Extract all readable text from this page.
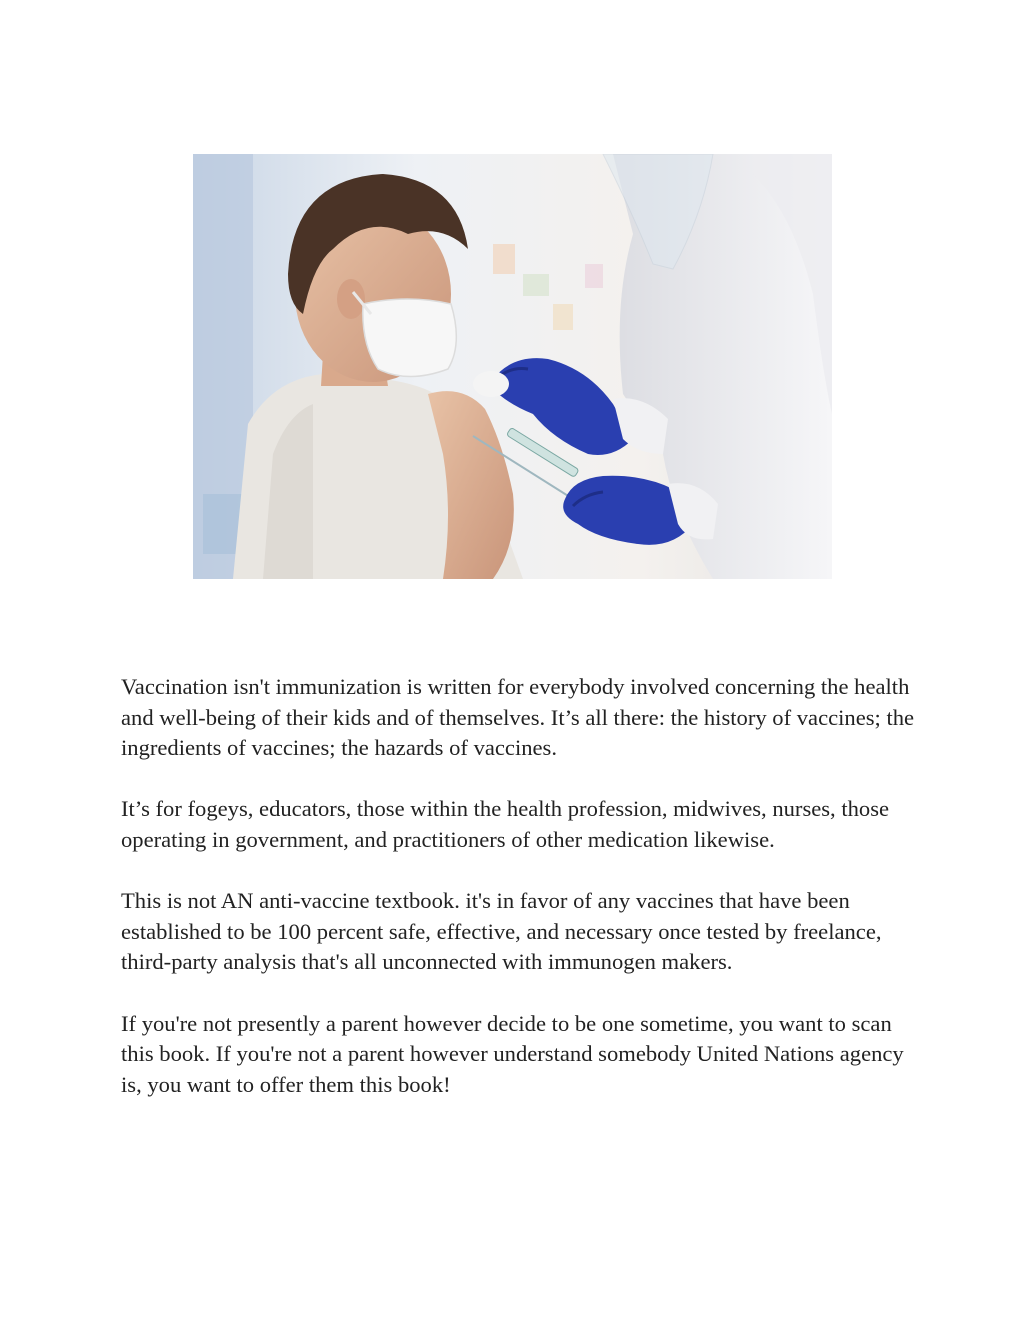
Vaccination isn't immunization is written for everybody involved concerning the health and well-being of their kids and of themselves. It’s all there: the history of vaccines; the ingredients of vaccines; the hazards of vaccines.

It’s for fogeys, educators, those within the health profession, midwives, nurses, those operating in government, and practitioners of other medication likewise.

This is not AN anti-vaccine textbook. it's in favor of any vaccines that have been established to be 100 percent safe, effective, and necessary once tested by freelance, third-party analysis that's all unconnected with immunogen makers.

If you're not presently a parent however decide to be one sometime, you want to scan this book. If you're not a parent however understand somebody United Nations agency is, you want to offer them this book!
